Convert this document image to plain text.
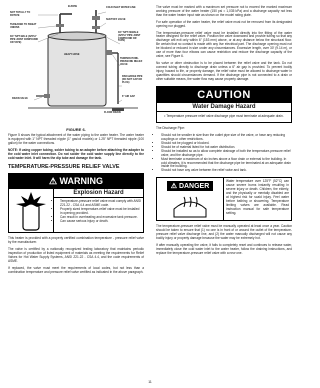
NOT TOTALLY TO ROTATE
ELBOW	COLD INLET WATER LINE
SHUTOFF VALVE
THREADED TO SWEAT UNIONS
3/4" NPT MALE (APPLY PIPE JOINT COMPOUND OR TAPE)
3/4" NPT FEMALE (APPLY PIPE JOINT COMPOUND OR TAPE)
HEAVY HOSE
TEMPERATURE-PRESSURE RELIEF VALVE
DISCHARGE PIPE (DO NOT CAP OR PLUG)
6" AIR GAP
DRAIN VALVE
FLOOR DRAIN
FIGURE 6.

Figure 5 shows the typical attachment of the water piping to the water heater. The water heater is equipped with 1" NPT threaded nipple (1" gas/oil models) or 1.25" NPT threaded nipple (100 gallon) for the water connections.

NOTE: If using copper tubing, solder tubing to an adapter before attaching the adapter to the cold water inlet connection. Do not solder the cold water supply line directly to the cold water inlet. It will harm the dip tube and damage the tank.

TEMPERATURE-PRESSURE RELIEF VALVE
⚠ WARNING
Explosion Hazard
• Temperature-pressure relief valve must comply with ANSI Z21.22 - CSA 4.4 and ASME code.
• Properly sized temperature-relief valve must be installed in opening provided.
• Can result in overheating and excessive tank pressure.
• Can cause serious injury or death.

This heater is provided with a properly certified combination temperature - pressure relief valve by the manufacturer.

The valve is certified by a nationally recognized testing laboratory that maintains periodic inspection of production of listed equipment of materials as meeting the requirements for Relief Valves for Hot Water Supply Systems, ANSI Z21.22 - CSA 4.4, and the code requirements of ASME.

If replaced, the valve must meet the requirements of local codes, but not less than a combination temperature and pressure relief valve certified as indicated in the above paragraph.

The valve must be marked with a maximum set pressure not to exceed the marked maximum working pressure of the water heater (150 psi = 1,035 kPa) and a discharge capacity not less than the water heater input rate as shown on the model rating plate.

For safe operation of the water heater, the relief valve must not be removed from its designated opening nor plugged.

The temperature-pressure relief valve must be installed directly into the fitting of the water heater designed for the relief valve. Position the valve downward and provide tubing so that any discharge will exit only within 6" (153 mm) above, or at any distance below the structural floor. Be certain that no contact is made with any live electrical part. The discharge opening must not be blocked or reduced in size under any circumstances. Excessive length, over 30' (9.14 m), or use of more than four elbows can cause restriction and reduce the discharge capacity of the valve, see Figure 6.

No valve or other obstruction is to be placed between the relief valve and the tank. Do not connect tubing directly to discharge drain unless a 6" air gap is provided. To prevent bodily injury, hazard to life, or property damage, the relief valve must be allowed to discharge water in quantities should circumstances demand. If the discharge pipe is not connected to a drain or other suitable means, the water flow may cause property damage.

CAUTION
Water Damage Hazard
• Temperature pressure relief valve discharge pipe must terminate at adequate drain.

The Discharge Pipe:

• Should not be smaller in size than the outlet pipe size of the valve, or have any reducing couplings or other restrictions.
• Should not be plugged or blocked.
• Should be of material listed for hot water distribution.
• Should be installed so as to allow complete drainage of both the temperature-pressure relief valve, and the discharge pipe.
• Must terminate a maximum of six inches above a floor drain or external to the building. In cold climates, it is recommended that the discharge pipe be terminated at an adequate drain inside the building.
• Should not have any valve between the relief valve and tank.
⚠ DANGER

Water temperature over 125°F (52°C) can cause severe burns instantly resulting in severe injury or death. Children, the elderly, and the physically or mentally disabled are at highest risk for scald injury. Feel water before bathing or showering. Temperature limiting valves are available. Read instruction manual for safe temperature setting.

The temperature-pressure relief valve must be manually operated at least once a year. Caution should be taken to ensure that (1) no one is in front of or around the outlet of the temperature-pressure relief valve discharge line, and (2) the water manually discharged will not cause any bodily injury or property damage because the water may be extremely hot.

If after manually operating the valve, it fails to completely reset and continues to release water, immediately close the cold water inlet to the water heater, follow the draining instructions, and replace the temperature-pressure relief valve with a new one.

11
